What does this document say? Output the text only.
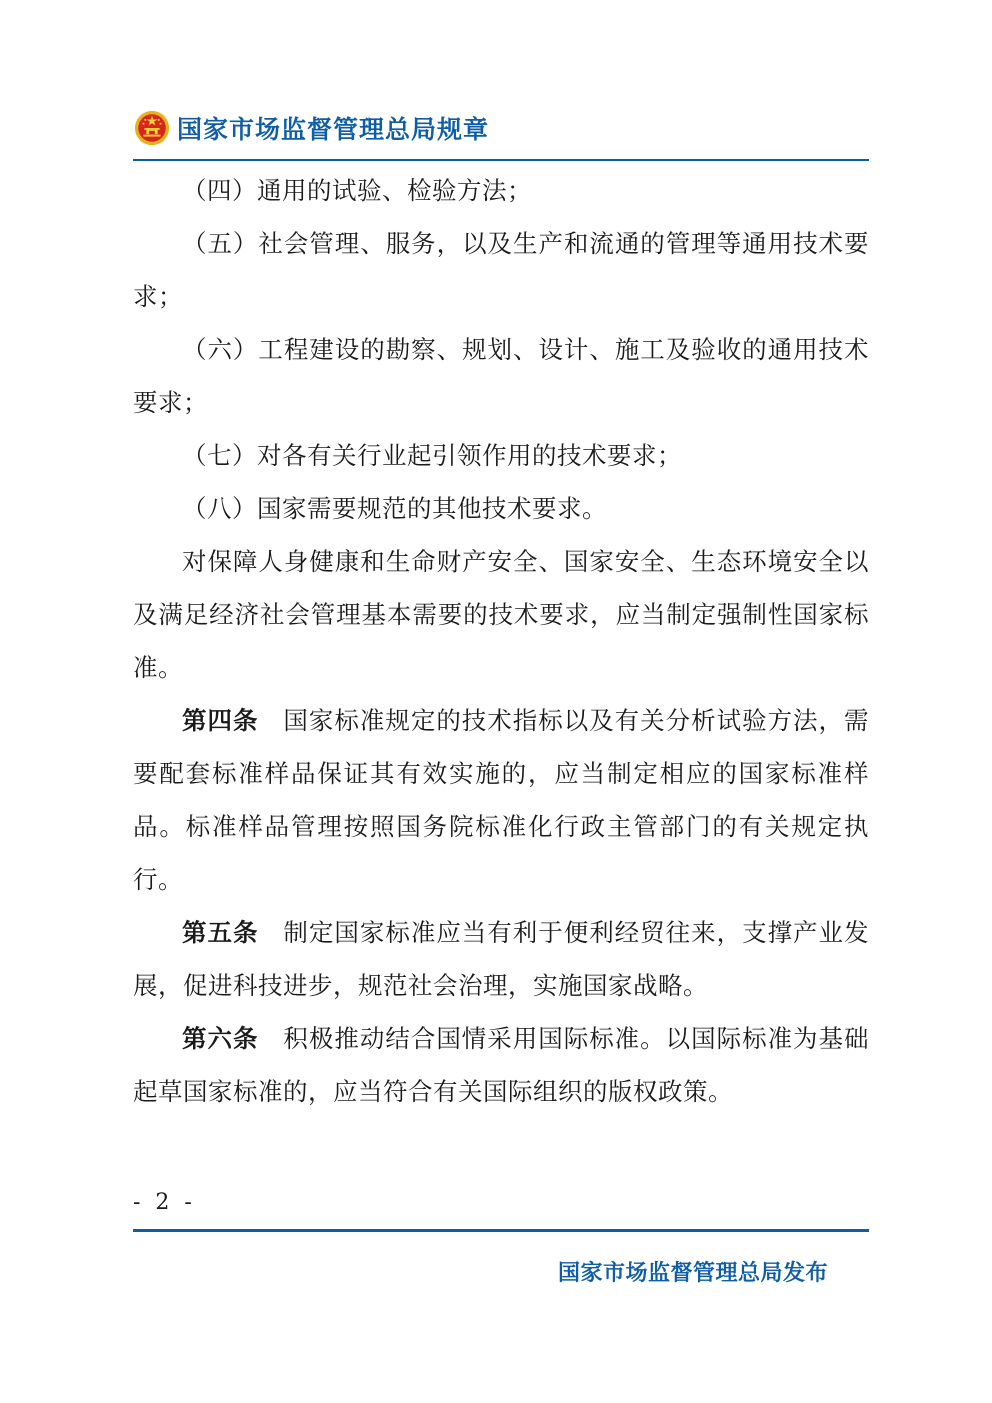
国家市场监督管理总局规章

（四）通用的试验、检验方法；

（五）社会管理、服务，以及生产和流通的管理等通用技术要求；

（六）工程建设的勘察、规划、设计、施工及验收的通用技术要求；

（七）对各有关行业起引领作用的技术要求；

（八）国家需要规范的其他技术要求。

对保障人身健康和生命财产安全、国家安全、生态环境安全以及满足经济社会管理基本需要的技术要求，应当制定强制性国家标准。

第四条 国家标准规定的技术指标以及有关分析试验方法，需要配套标准样品保证其有效实施的，应当制定相应的国家标准样品。标准样品管理按照国务院标准化行政主管部门的有关规定执行。

第五条 制定国家标准应当有利于便利经贸往来，支撑产业发展，促进科技进步，规范社会治理，实施国家战略。

第六条 积极推动结合国情采用国际标准。以国际标准为基础起草国家标准的，应当符合有关国际组织的版权政策。

- 2 -
国家市场监督管理总局发布
